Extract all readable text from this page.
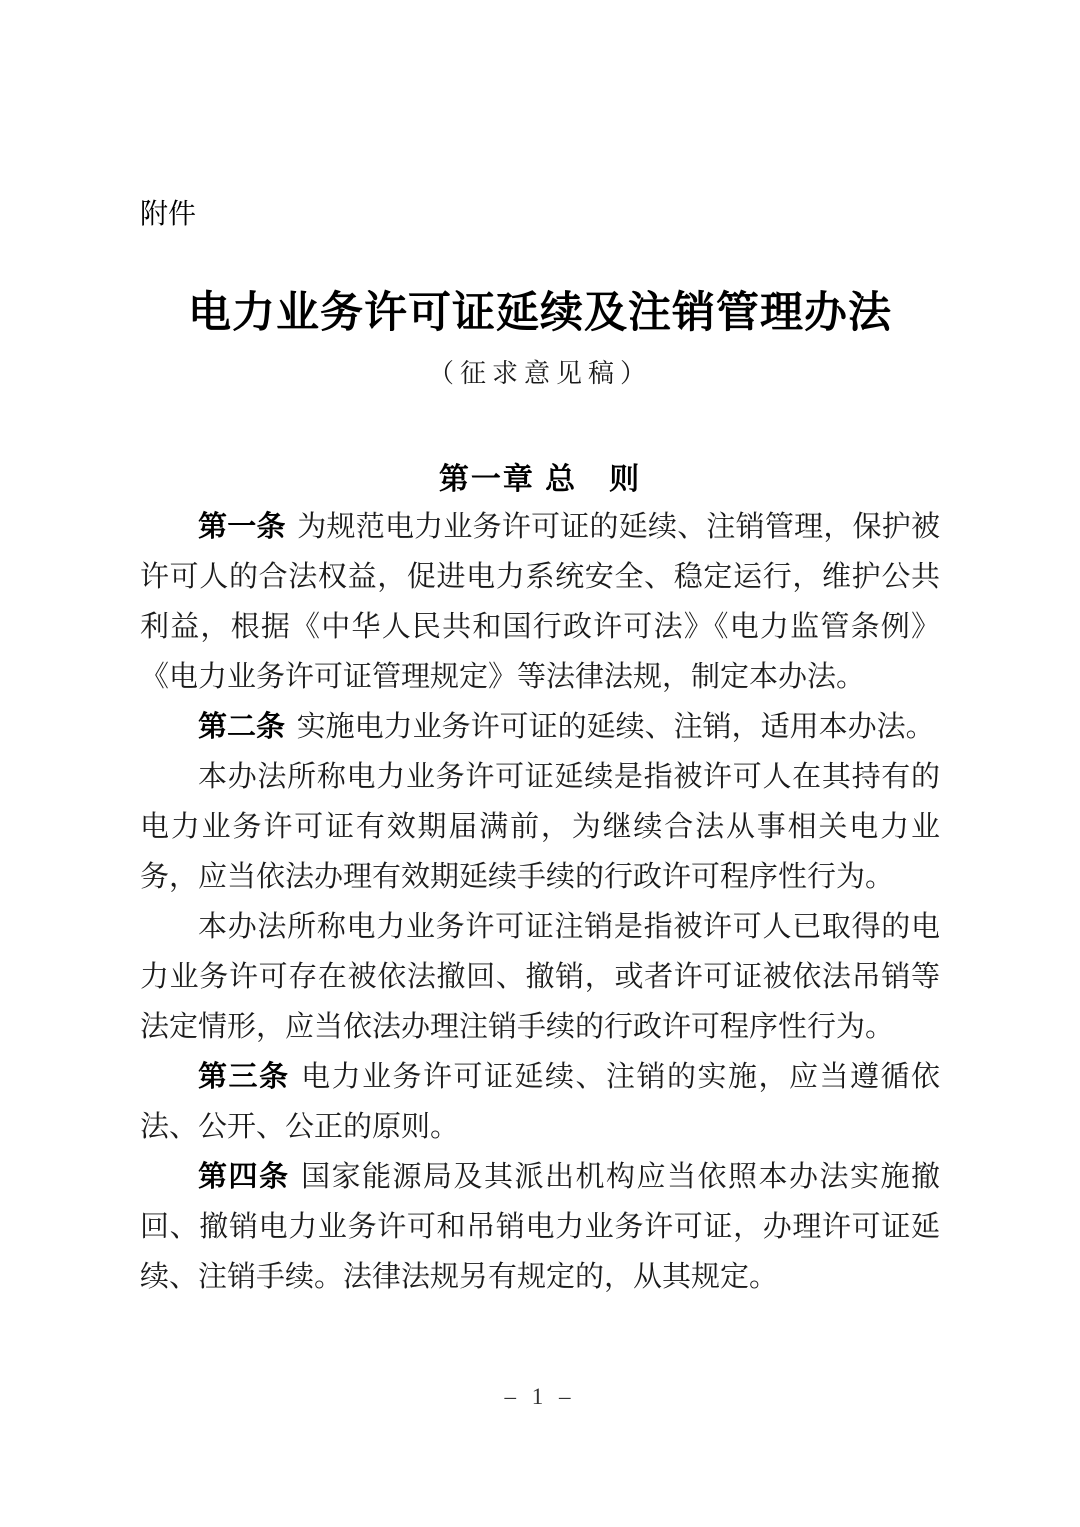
附件
电力业务许可证延续及注销管理办法
（征求意见稿）
第一章 总　则

第一条 为规范电力业务许可证的延续、注销管理，保护被许可人的合法权益，促进电力系统安全、稳定运行，维护公共利益，根据《中华人民共和国行政许可法》《电力监管条例》《电力业务许可证管理规定》等法律法规，制定本办法。

第二条 实施电力业务许可证的延续、注销，适用本办法。

本办法所称电力业务许可证延续是指被许可人在其持有的电力业务许可证有效期届满前，为继续合法从事相关电力业务，应当依法办理有效期延续手续的行政许可程序性行为。

本办法所称电力业务许可证注销是指被许可人已取得的电力业务许可存在被依法撤回、撤销，或者许可证被依法吊销等法定情形，应当依法办理注销手续的行政许可程序性行为。

第三条 电力业务许可证延续、注销的实施，应当遵循依法、公开、公正的原则。

第四条 国家能源局及其派出机构应当依照本办法实施撤回、撤销电力业务许可和吊销电力业务许可证，办理许可证延续、注销手续。法律法规另有规定的，从其规定。

– 1 –
